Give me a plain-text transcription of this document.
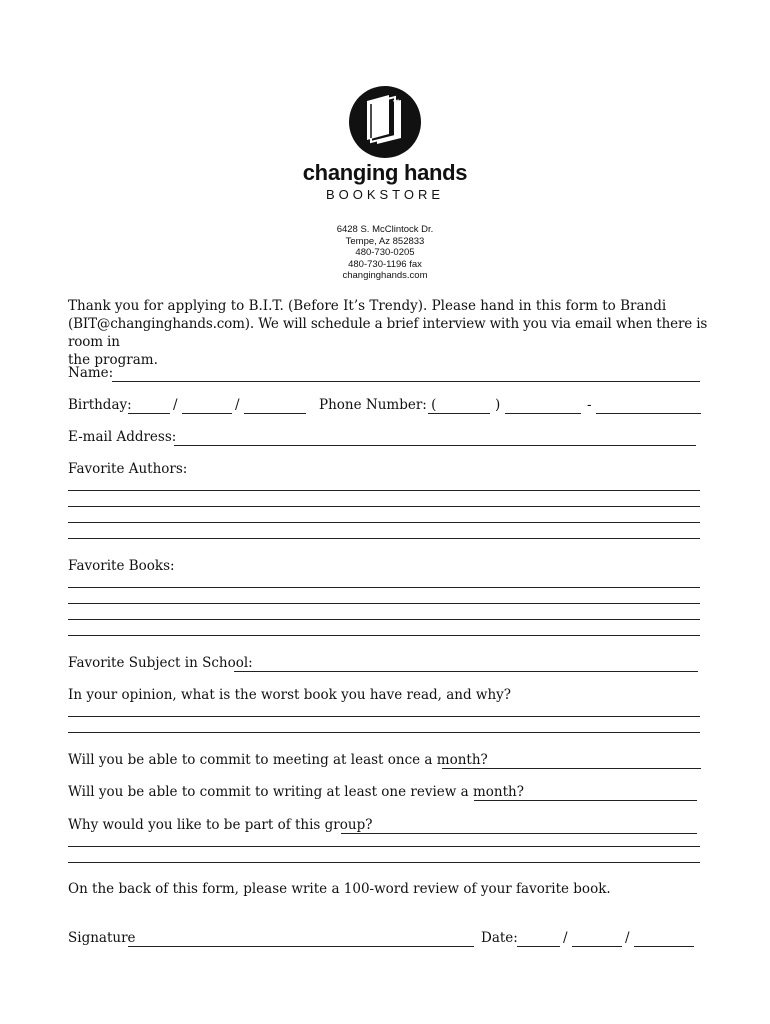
changing hands
BOOKSTORE
6428 S. McClintock Dr.
Tempe, Az 852833
480-730-0205
480-730-1196 fax
changinghands.com
Thank you for applying to B.I.T. (Before It’s Trendy). Please hand in this form to Brandi
(BIT@changinghands.com). We will schedule a brief interview with you via email when there is room in
the program.
Name:
Birthday:	/	/	Phone Number: (	)	-
E-mail Address:
Favorite Authors:
Favorite Books:
Favorite Subject in School:
In your opinion, what is the worst book you have read, and why?
Will you be able to commit to meeting at least once a month?
Will you be able to commit to writing at least one review a month?
Why would you like to be part of this group?
On the back of this form, please write a 100-word review of your favorite book.
Signature	Date:	/	/
